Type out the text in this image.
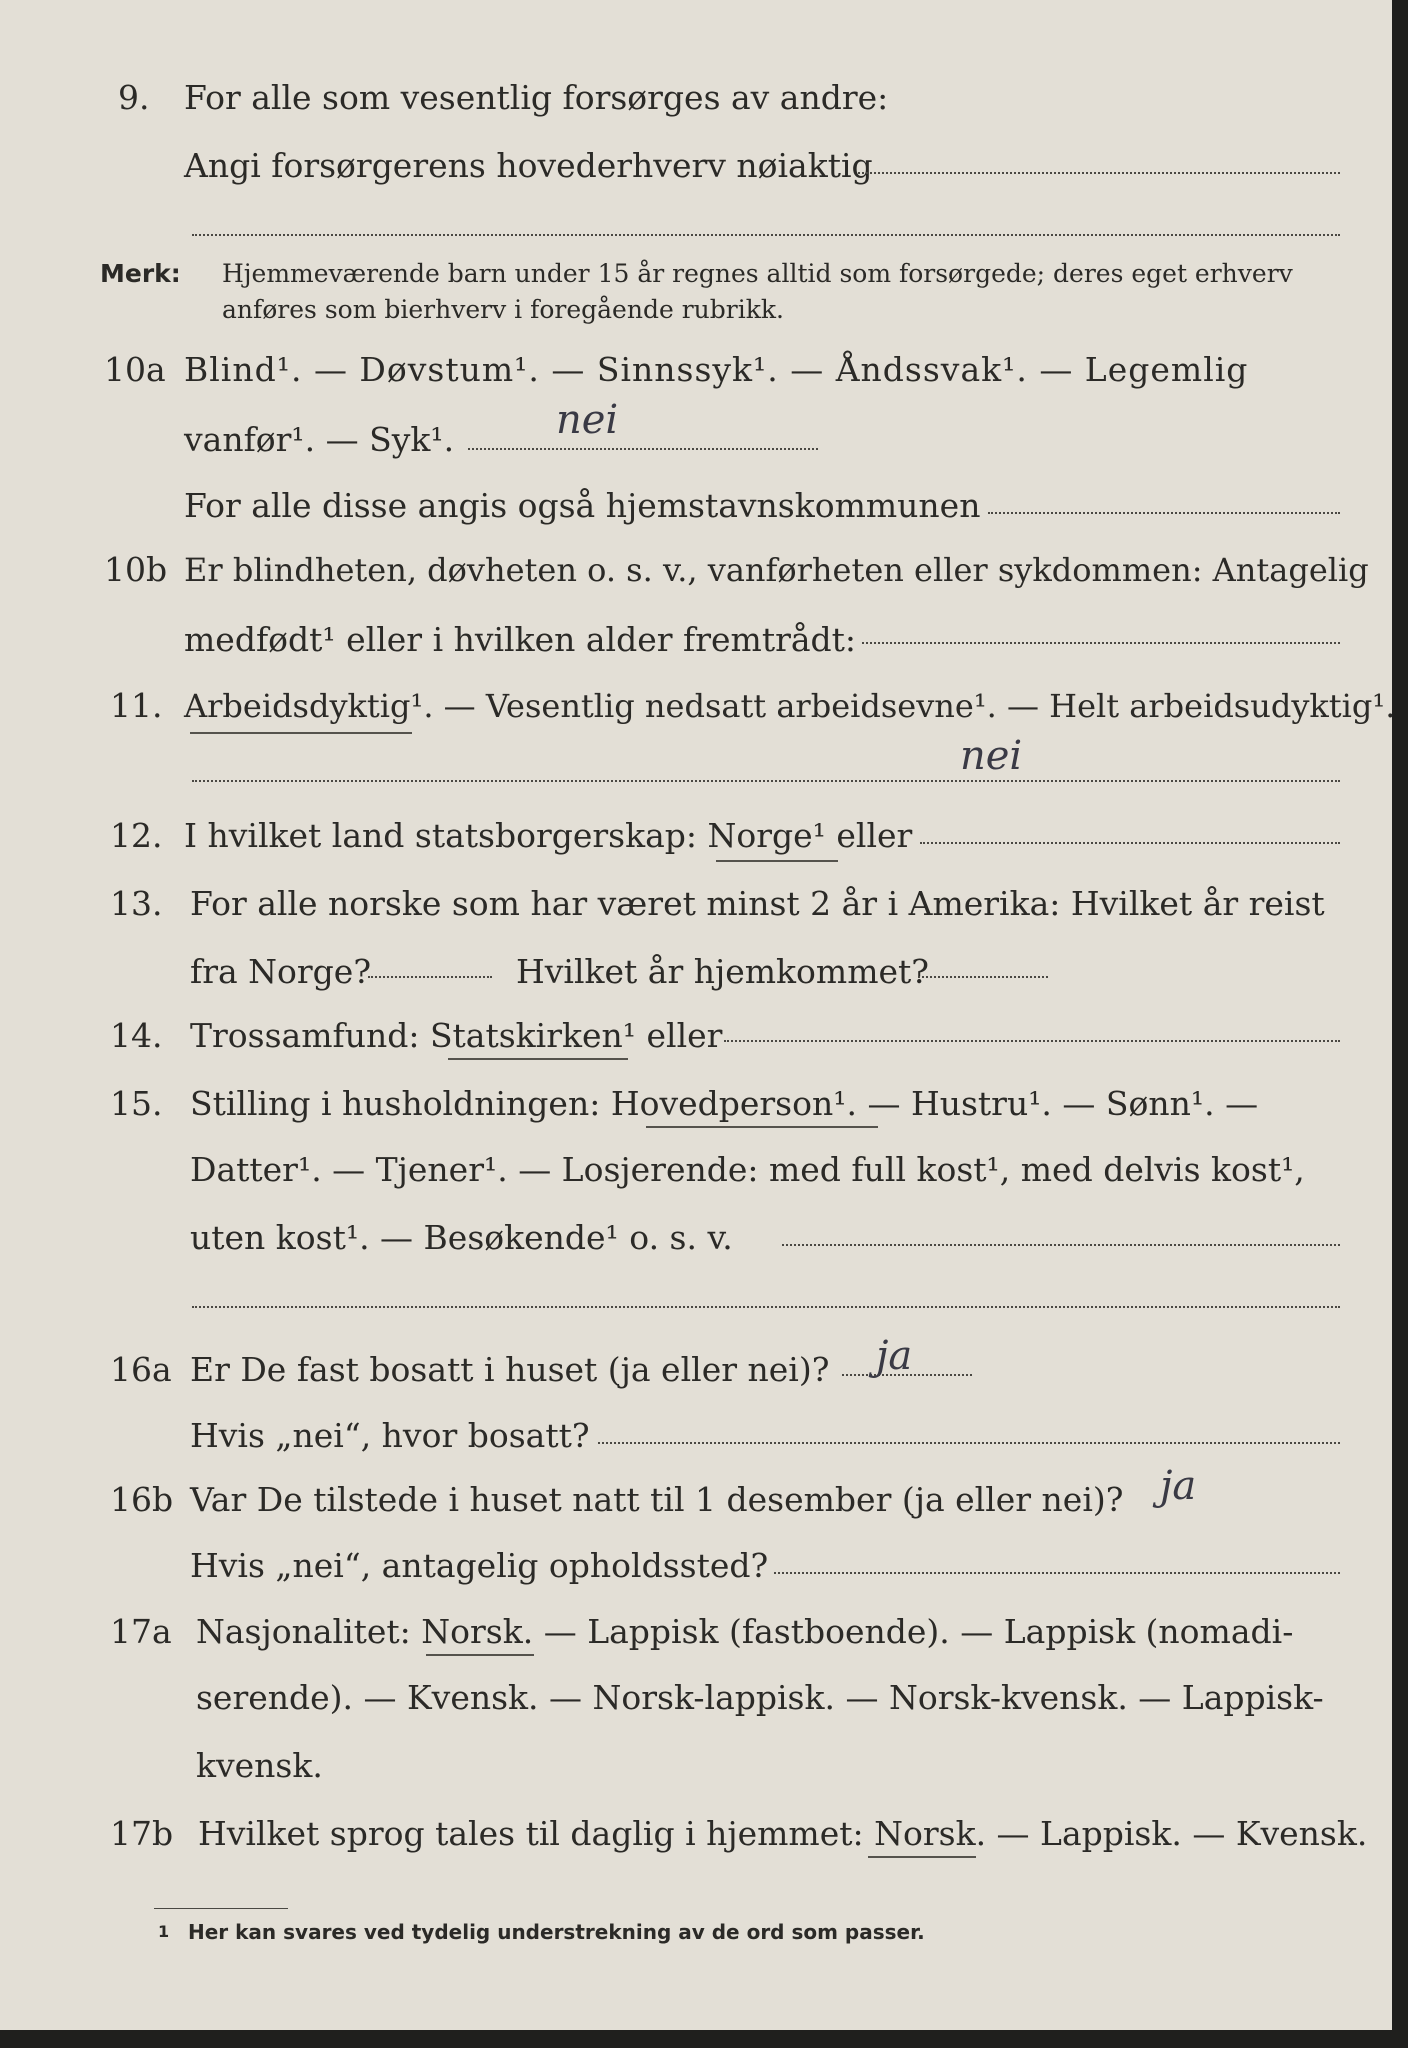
9. For alle som vesentlig forsørges av andre:
Angi forsørgerens hovederhverv nøiaktig
Merk: Hjemmeværende barn under 15 år regnes alltid som forsørgede; deres eget erhverv
anføres som bierhverv i foregående rubrikk.
10a Blind¹. — Døvstum¹. — Sinnssyk¹. — Åndssvak¹. — Legemlig
vanfør¹. — Syk¹.	nei
For alle disse angis også hjemstavnskommunen
10b Er blindheten, døvheten o. s. v., vanførheten eller sykdommen: Antagelig
medfødt¹ eller i hvilken alder fremtrådt:
11. Arbeidsdyktig¹. — Vesentlig nedsatt arbeidsevne¹. — Helt arbeidsudyktig¹.
nei
12. I hvilket land statsborgerskap: Norge¹ eller
13. For alle norske som har været minst 2 år i Amerika: Hvilket år reist
fra Norge?	Hvilket år hjemkommet?
14. Trossamfund: Statskirken¹ eller
15. Stilling i husholdningen: Hovedperson¹. — Hustru¹. — Sønn¹. —
Datter¹. — Tjener¹. — Losjerende: med full kost¹, med delvis kost¹,
uten kost¹. — Besøkende¹ o. s. v.
16a Er De fast bosatt i huset (ja eller nei)? ja
Hvis „nei“, hvor bosatt?
16b Var De tilstede i huset natt til 1 desember (ja eller nei)? ja
Hvis „nei“, antagelig opholdssted?
17a Nasjonalitet: Norsk. — Lappisk (fastboende). — Lappisk (nomadi-
serende). — Kvensk. — Norsk-lappisk. — Norsk-kvensk. — Lappisk-
kvensk.
17b Hvilket sprog tales til daglig i hjemmet: Norsk. — Lappisk. — Kvensk.
1 Her kan svares ved tydelig understrekning av de ord som passer.
